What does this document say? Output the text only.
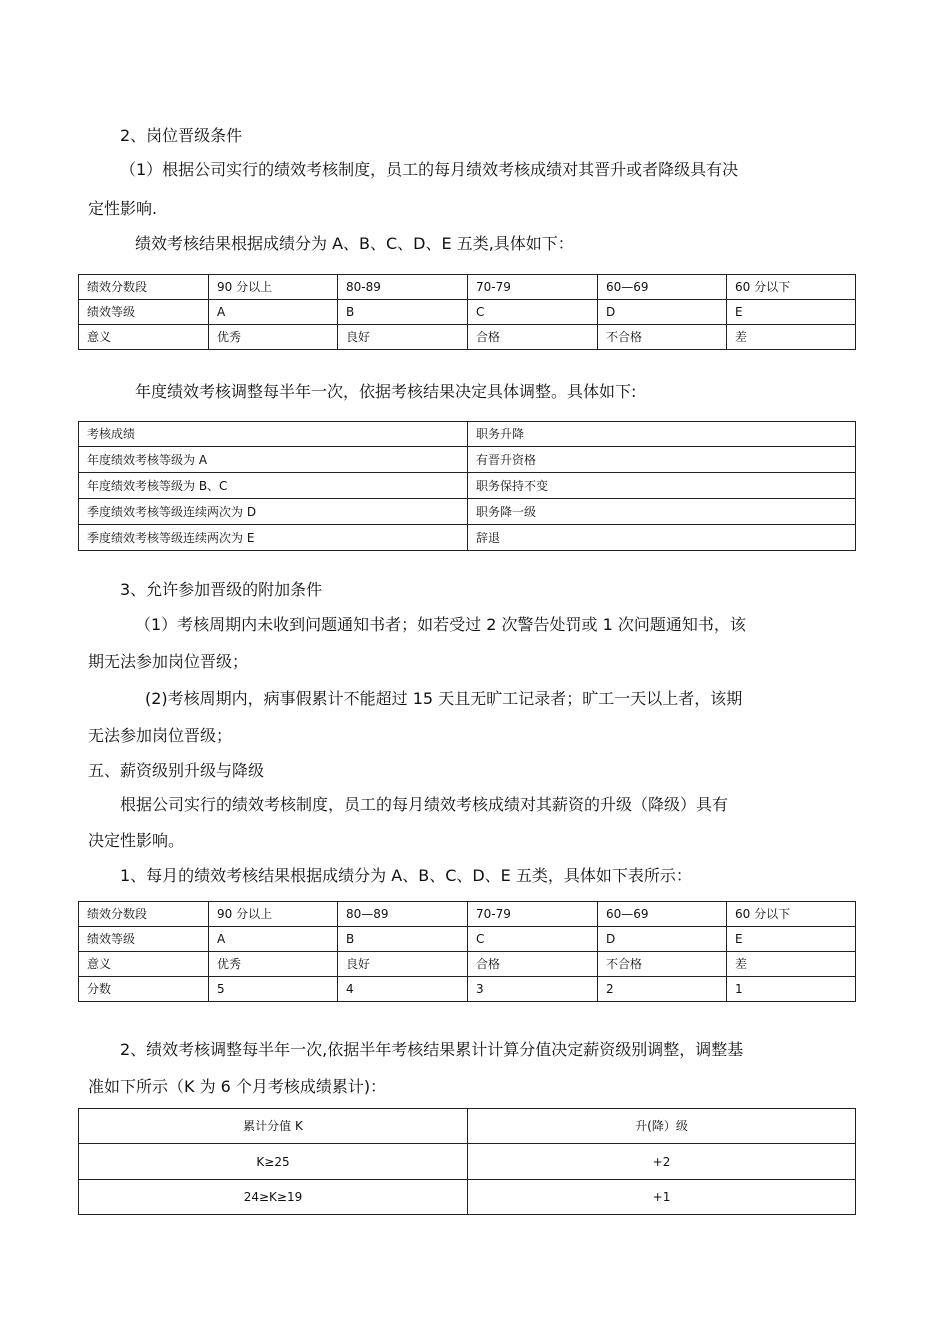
2、岗位晋级条件
（1）根据公司实行的绩效考核制度，员工的每月绩效考核成绩对其晋升或者降级具有决
定性影响.
绩效考核结果根据成绩分为 A、B、C、D、E 五类,具体如下：
绩效分数段	90 分以上	80-89	70-79	60—69	60 分以下
绩效等级	A	B	C	D	E
意义	优秀	良好	合格	不合格	差
年度绩效考核调整每半年一次，依据考核结果决定具体调整。具体如下:
考核成绩	职务升降
年度绩效考核等级为 A	有晋升资格
年度绩效考核等级为 B、C	职务保持不变
季度绩效考核等级连续两次为 D	职务降一级
季度绩效考核等级连续两次为 E	辞退
3、允许参加晋级的附加条件
（1）考核周期内未收到问题通知书者；如若受过 2 次警告处罚或 1 次问题通知书，该
期无法参加岗位晋级；
(2)考核周期内，病事假累计不能超过 15 天且无旷工记录者；旷工一天以上者，该期
无法参加岗位晋级；
五、薪资级别升级与降级
根据公司实行的绩效考核制度，员工的每月绩效考核成绩对其薪资的升级（降级）具有
决定性影响。
1、每月的绩效考核结果根据成绩分为 A、B、C、D、E 五类，具体如下表所示：
绩效分数段	90 分以上	80—89	70-79	60—69	60 分以下
绩效等级	A	B	C	D	E
意义	优秀	良好	合格	不合格	差
分数	5	4	3	2	1
2、绩效考核调整每半年一次,依据半年考核结果累计计算分值决定薪资级别调整，调整基
准如下所示（K 为 6 个月考核成绩累计)：
累计分值 K	升(降）级
K≥25	+2
24≥K≥19	+1
